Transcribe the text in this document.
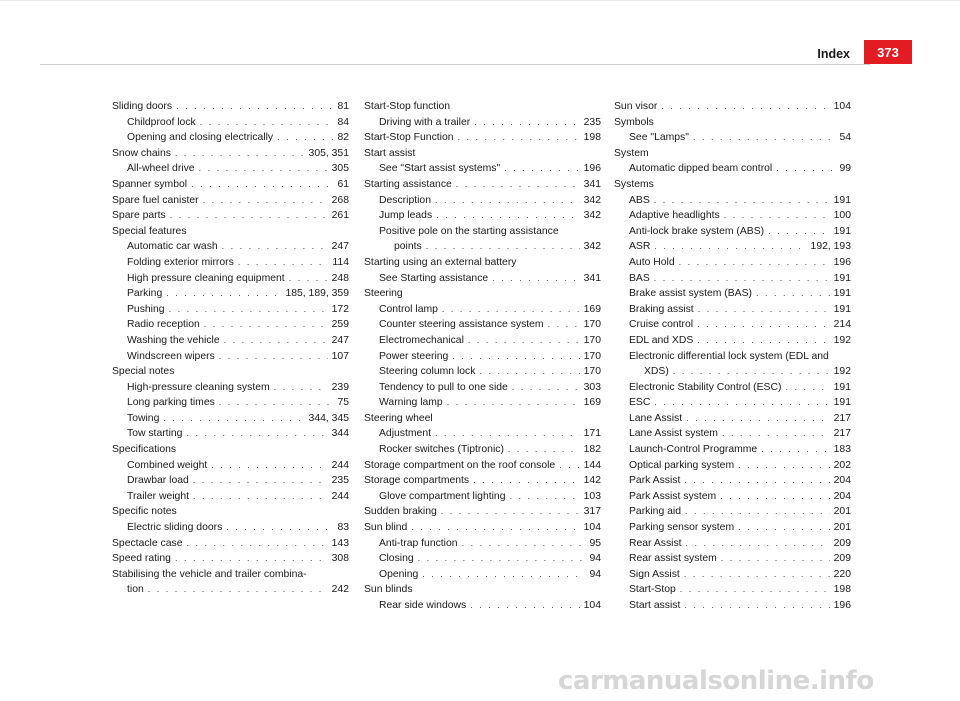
Index	373
Sliding doors . . .	81
Childproof lock . . .	84
Opening and closing electrically . . .	82
Snow chains . . .	305, 351
All-wheel drive . . .	305
Spanner symbol . . .	61
Spare fuel canister . . .	268
Spare parts . . .	261
Special features
Automatic car wash . . .	247
Folding exterior mirrors . . .	114
High pressure cleaning equipment . . .	248
Parking . . .	185, 189, 359
Pushing . . .	172
Radio reception . . .	259
Washing the vehicle . . .	247
Windscreen wipers . . .	107
Special notes
High-pressure cleaning system . . .	239
Long parking times . . .	75
Towing . . .	344, 345
Tow starting . . .	344
Specifications
Combined weight . . .	244
Drawbar load . . .	235
Trailer weight . . .	244
Specific notes
Electric sliding doors . . .	83
Spectacle case . . .	143
Speed rating . . .	308
Stabilising the vehicle and trailer combina-
tion . . .	242
Start-Stop function
Driving with a trailer . . .	235
Start-Stop Function . . .	198
Start assist
See "Start assist systems" . . .	196
Starting assistance . . .	341
Description . . .	342
Jump leads . . .	342
Positive pole on the starting assistance
points . . .	342
Starting using an external battery
See Starting assistance . . .	341
Steering
Control lamp . . .	169
Counter steering assistance system . . .	170
Electromechanical . . .	170
Power steering . . .	170
Steering column lock . . .	170
Tendency to pull to one side . . .	303
Warning lamp . . .	169
Steering wheel
Adjustment . . .	171
Rocker switches (Tiptronic) . . .	182
Storage compartment on the roof console . . .	144
Storage compartments . . .	142
Glove compartment lighting . . .	103
Sudden braking . . .	317
Sun blind . . .	104
Anti-trap function . . .	95
Closing . . .	94
Opening . . .	94
Sun blinds
Rear side windows . . .	104
Sun visor . . .	104
Symbols
See "Lamps" . . .	54
System
Automatic dipped beam control . . .	99
Systems
ABS . . .	191
Adaptive headlights . . .	100
Anti-lock brake system (ABS) . . .	191
ASR . . .	192, 193
Auto Hold . . .	196
BAS . . .	191
Brake assist system (BAS) . . .	191
Braking assist . . .	191
Cruise control . . .	214
EDL and XDS . . .	192
Electronic differential lock system (EDL and
XDS) . . .	192
Electronic Stability Control (ESC) . . .	191
ESC . . .	191
Lane Assist . . .	217
Lane Assist system . . .	217
Launch-Control Programme . . .	183
Optical parking system . . .	202
Park Assist . . .	204
Park Assist system . . .	204
Parking aid . . .	201
Parking sensor system . . .	201
Rear Assist . . .	209
Rear assist system . . .	209
Sign Assist . . .	220
Start-Stop . . .	198
Start assist . . .	196
carmanualsonline.info
